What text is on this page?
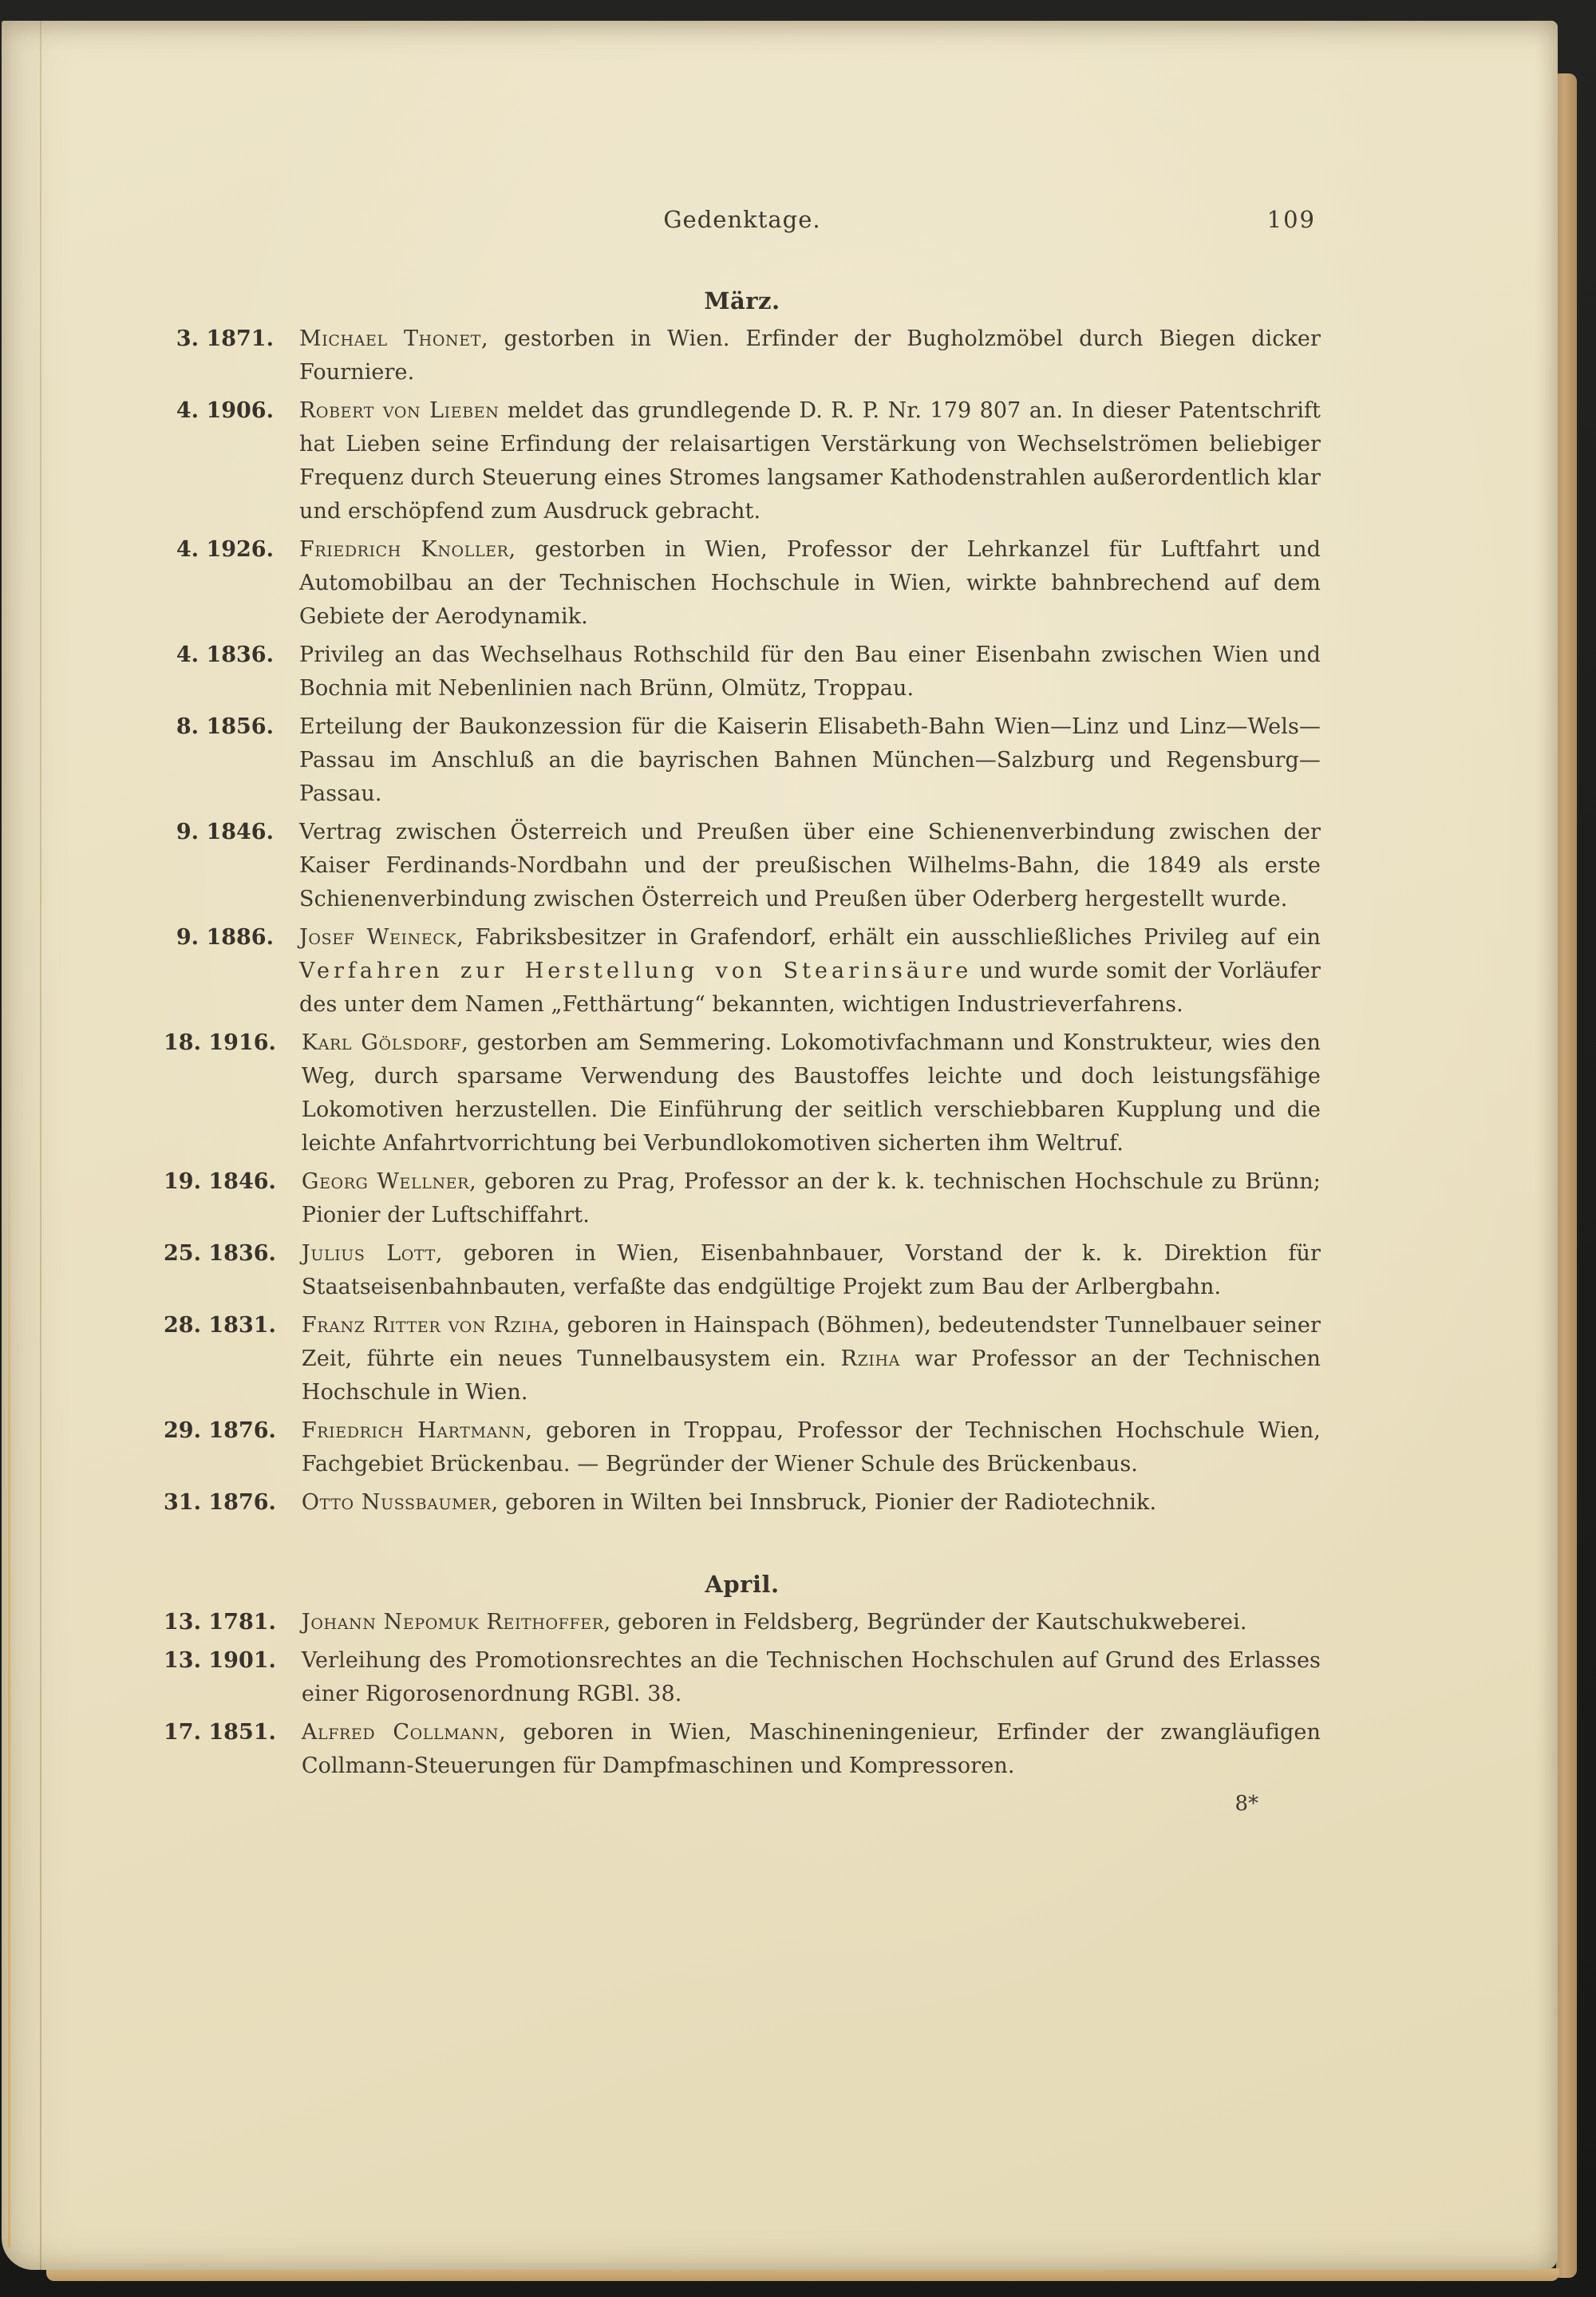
Gedenktage.	109
März.
3. 1871. Michael Thonet, gestorben in Wien. Erfinder der Bugholzmöbel durch Biegen dicker Fourniere.
4. 1906. Robert von Lieben meldet das grundlegende D. R. P. Nr. 179 807 an. In dieser Patentschrift hat Lieben seine Erfindung der relaisartigen Verstärkung von Wechselströmen beliebiger Frequenz durch Steuerung eines Stromes langsamer Kathodenstrahlen außerordentlich klar und erschöpfend zum Ausdruck gebracht.
4. 1926. Friedrich Knoller, gestorben in Wien, Professor der Lehrkanzel für Luftfahrt und Automobilbau an der Technischen Hochschule in Wien, wirkte bahnbrechend auf dem Gebiete der Aerodynamik.
4. 1836. Privileg an das Wechselhaus Rothschild für den Bau einer Eisenbahn zwischen Wien und Bochnia mit Nebenlinien nach Brünn, Olmütz, Troppau.
8. 1856. Erteilung der Baukonzession für die Kaiserin Elisabeth-Bahn Wien—Linz und Linz—Wels—Passau im Anschluß an die bayrischen Bahnen München—Salzburg und Regensburg—Passau.
9. 1846. Vertrag zwischen Österreich und Preußen über eine Schienenverbindung zwischen der Kaiser Ferdinands-Nordbahn und der preußischen Wilhelms-Bahn, die 1849 als erste Schienenverbindung zwischen Österreich und Preußen über Oderberg hergestellt wurde.
9. 1886. Josef Weineck, Fabriksbesitzer in Grafendorf, erhält ein ausschließliches Privileg auf ein Verfahren zur Herstellung von Stearinsäure und wurde somit der Vorläufer des unter dem Namen „Fetthärtung“ bekannten, wichtigen Industrieverfahrens.
18. 1916. Karl Gölsdorf, gestorben am Semmering. Lokomotivfachmann und Konstrukteur, wies den Weg, durch sparsame Verwendung des Baustoffes leichte und doch leistungsfähige Lokomotiven herzustellen. Die Einführung der seitlich verschiebbaren Kupplung und die leichte Anfahrtvorrichtung bei Verbundlokomotiven sicherten ihm Weltruf.
19. 1846. Georg Wellner, geboren zu Prag, Professor an der k. k. technischen Hochschule zu Brünn; Pionier der Luftschiffahrt.
25. 1836. Julius Lott, geboren in Wien, Eisenbahnbauer, Vorstand der k. k. Direktion für Staatseisenbahnbauten, verfaßte das endgültige Projekt zum Bau der Arlbergbahn.
28. 1831. Franz Ritter von Rziha, geboren in Hainspach (Böhmen), bedeutendster Tunnelbauer seiner Zeit, führte ein neues Tunnelbausystem ein. Rziha war Professor an der Technischen Hochschule in Wien.
29. 1876. Friedrich Hartmann, geboren in Troppau, Professor der Technischen Hochschule Wien, Fachgebiet Brückenbau. — Begründer der Wiener Schule des Brückenbaus.
31. 1876. Otto Nussbaumer, geboren in Wilten bei Innsbruck, Pionier der Radiotechnik.
April.
13. 1781. Johann Nepomuk Reithoffer, geboren in Feldsberg, Begründer der Kautschukweberei.
13. 1901. Verleihung des Promotionsrechtes an die Technischen Hochschulen auf Grund des Erlasses einer Rigorosenordnung RGBl. 38.
17. 1851. Alfred Collmann, geboren in Wien, Maschineningenieur, Erfinder der zwangläufigen Collmann-Steuerungen für Dampfmaschinen und Kompressoren.
8*
